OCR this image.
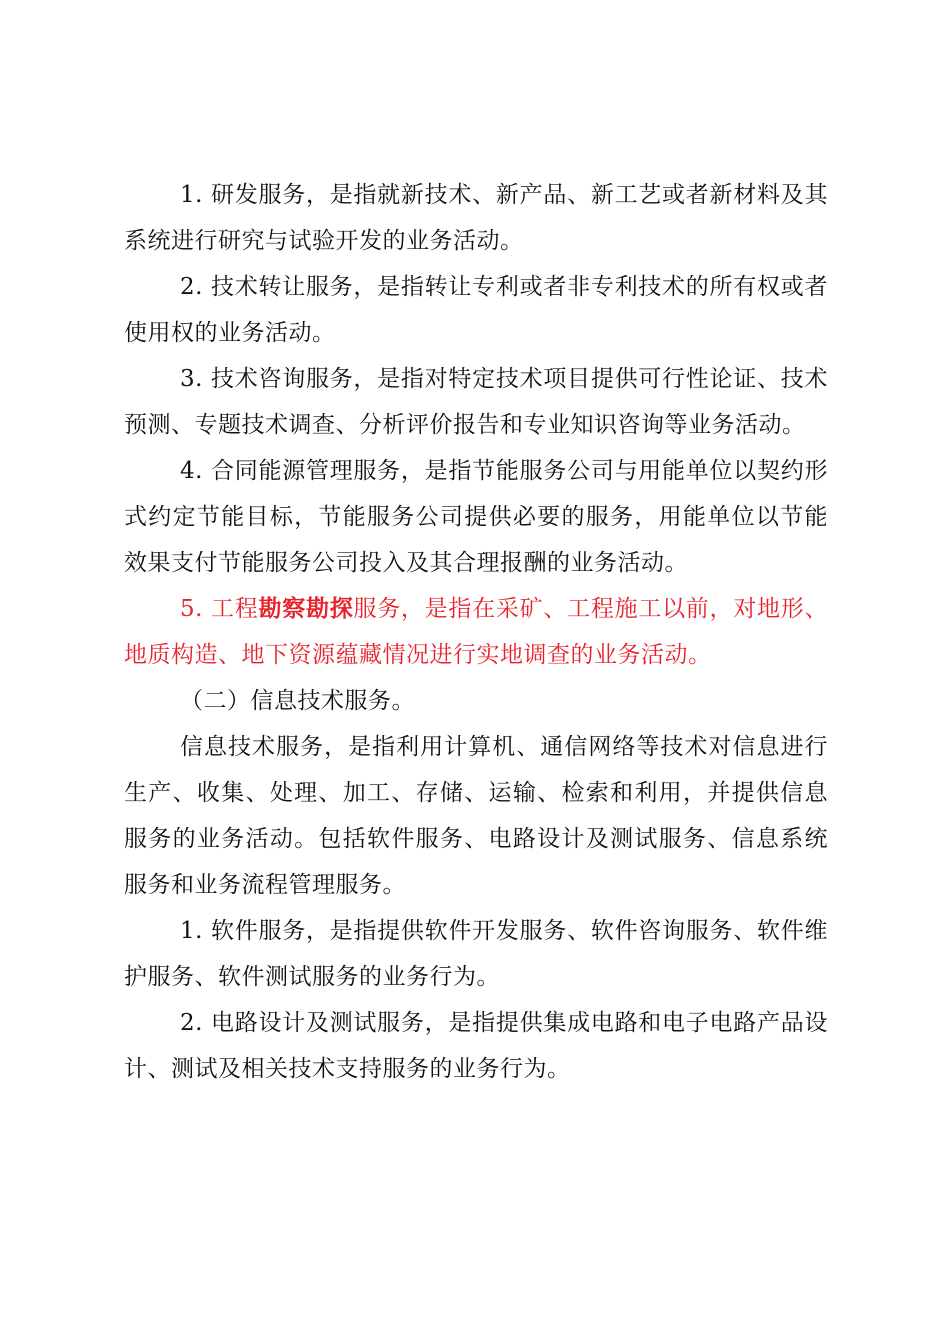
1. 研发服务，是指就新技术、新产品、新工艺或者新材料及其系统进行研究与试验开发的业务活动。

2. 技术转让服务，是指转让专利或者非专利技术的所有权或者使用权的业务活动。

3. 技术咨询服务，是指对特定技术项目提供可行性论证、技术预测、专题技术调查、分析评价报告和专业知识咨询等业务活动。

4. 合同能源管理服务，是指节能服务公司与用能单位以契约形式约定节能目标，节能服务公司提供必要的服务，用能单位以节能效果支付节能服务公司投入及其合理报酬的业务活动。

5. 工程勘察勘探服务，是指在采矿、工程施工以前，对地形、地质构造、地下资源蕴藏情况进行实地调查的业务活动。

（二）信息技术服务。

信息技术服务，是指利用计算机、通信网络等技术对信息进行生产、收集、处理、加工、存储、运输、检索和利用，并提供信息服务的业务活动。包括软件服务、电路设计及测试服务、信息系统服务和业务流程管理服务。

1. 软件服务，是指提供软件开发服务、软件咨询服务、软件维护服务、软件测试服务的业务行为。

2. 电路设计及测试服务，是指提供集成电路和电子电路产品设计、测试及相关技术支持服务的业务行为。
